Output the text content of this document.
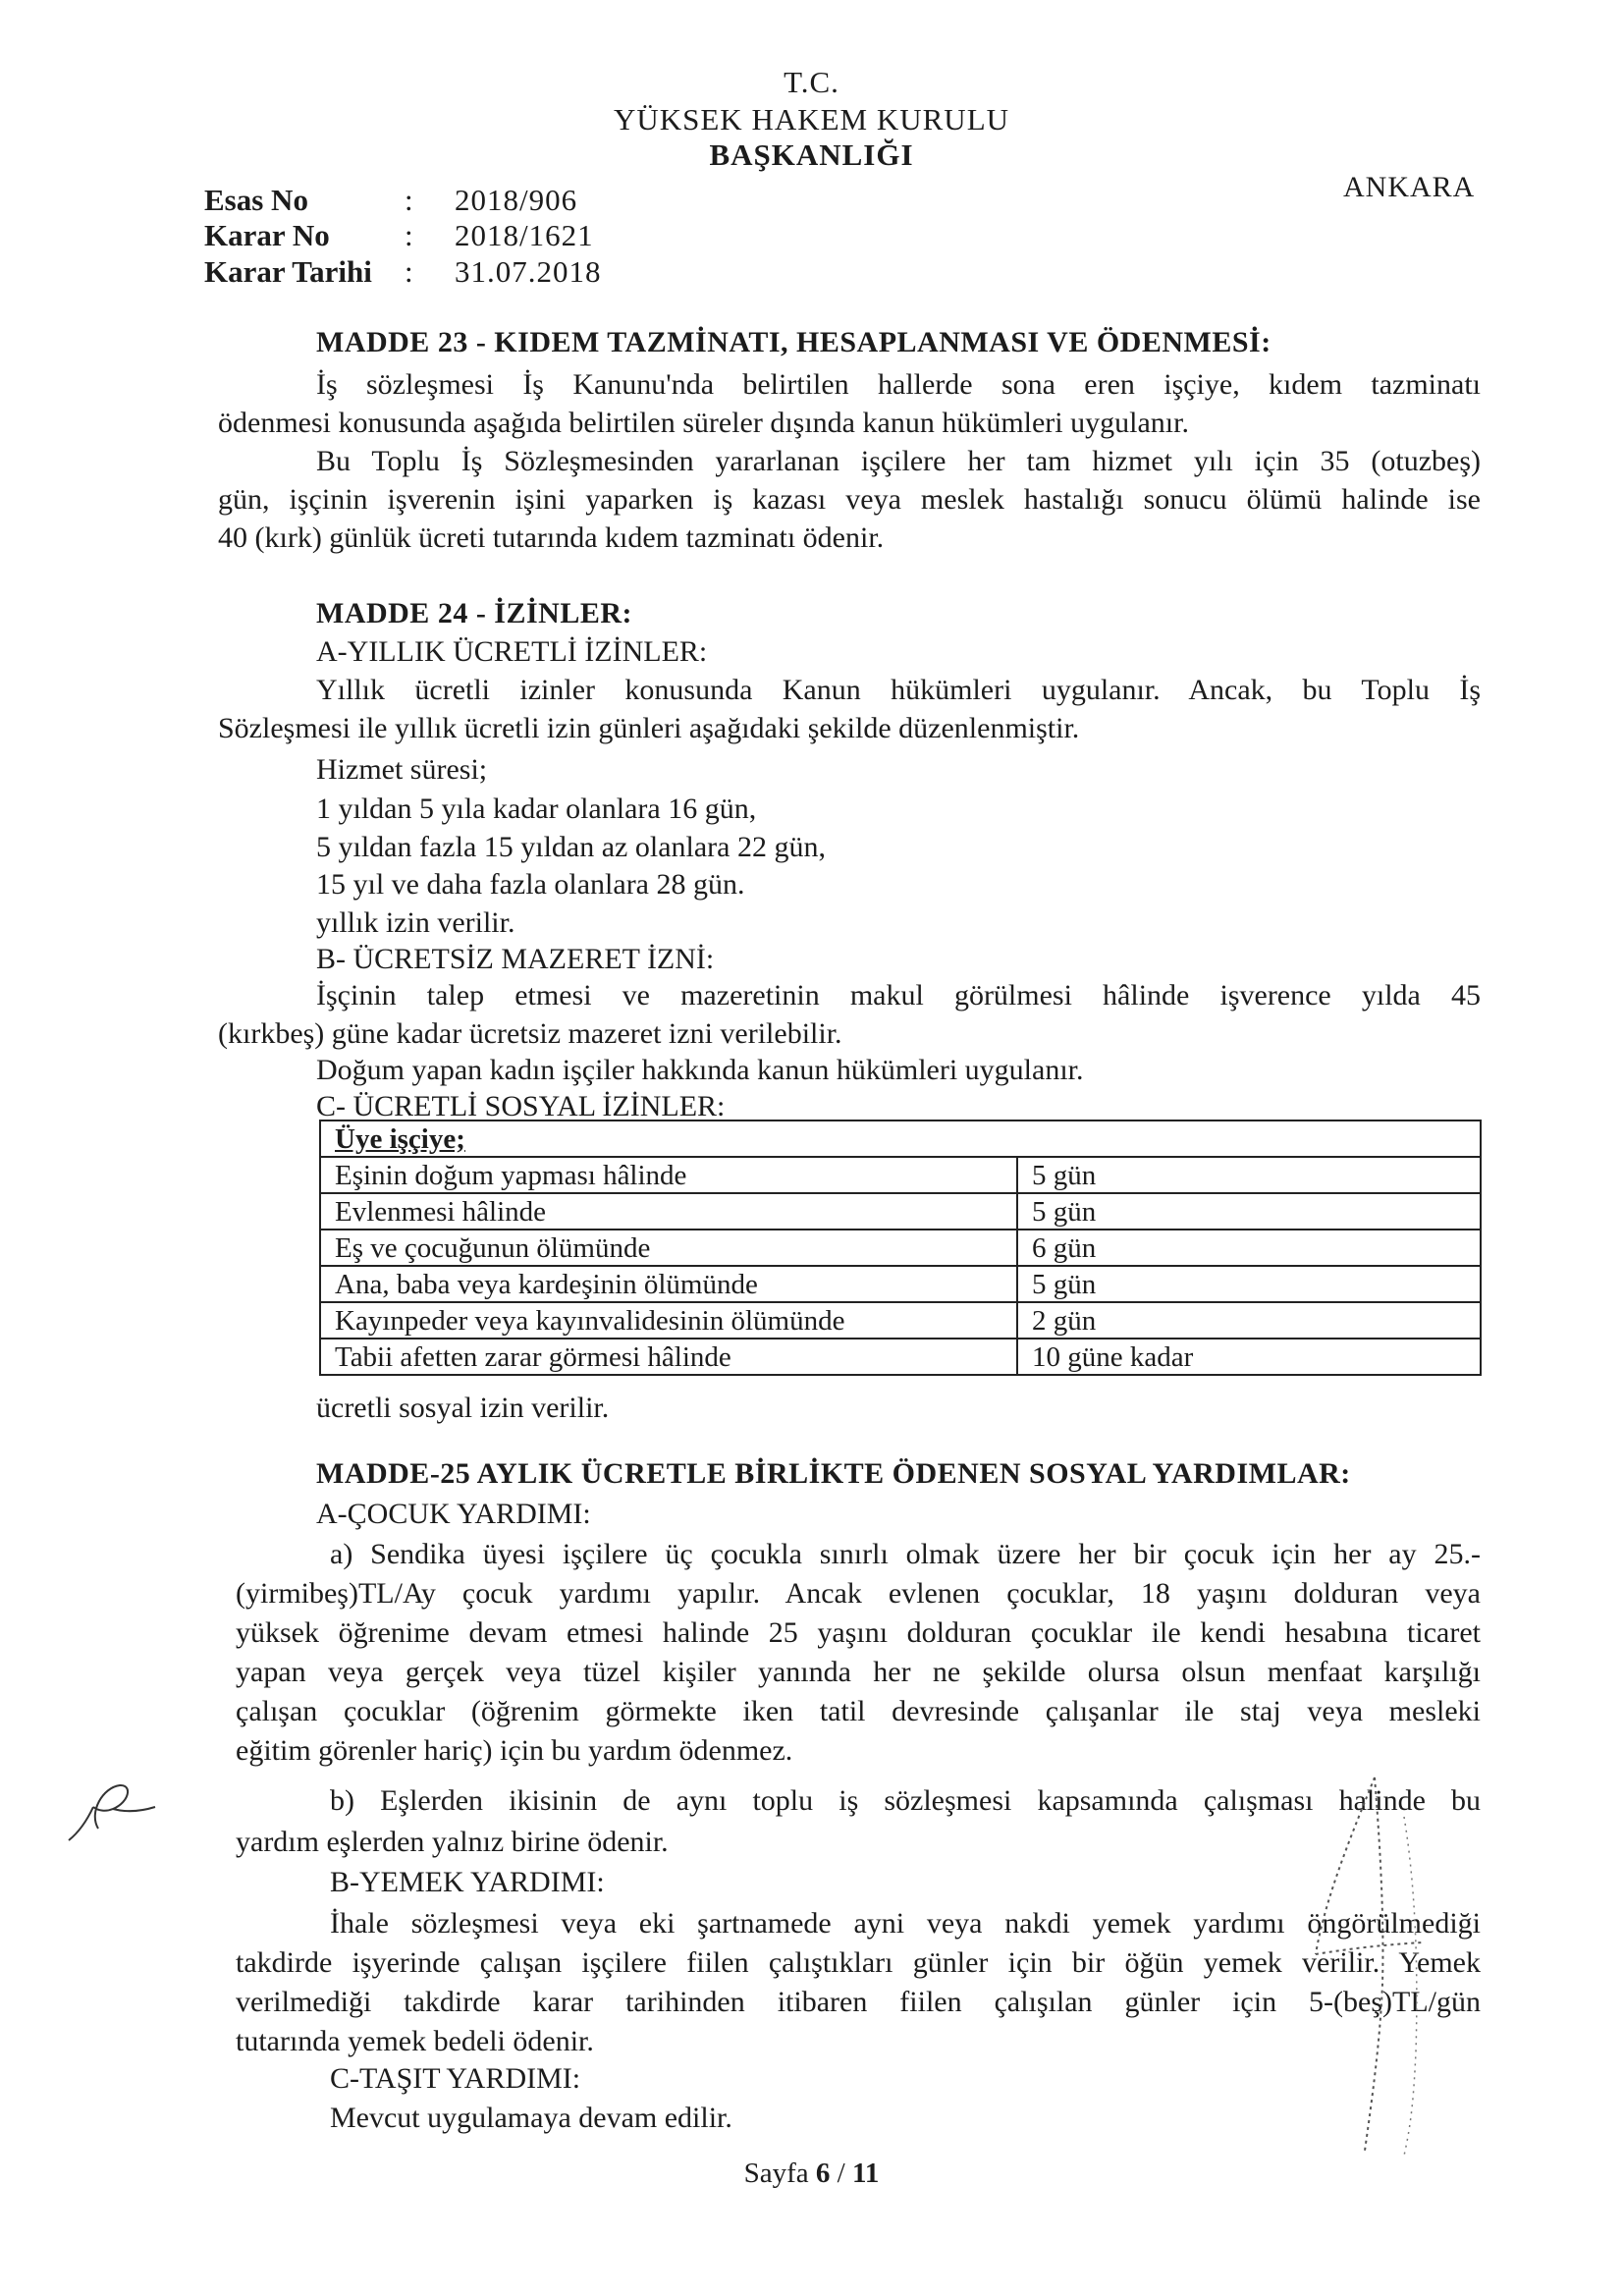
T.C.
YÜKSEK HAKEM KURULU
BAŞKANLIĞI
ANKARA
Esas No	: 2018/906
Karar No : 2018/1621
Karar Tarihi : 31.07.2018
MADDE 23 - KIDEM TAZMİNATI, HESAPLANMASI VE ÖDENMESİ:
İş sözleşmesi İş Kanunu'nda belirtilen hallerde sona eren işçiye, kıdem tazminatı
ödenmesi konusunda aşağıda belirtilen süreler dışında kanun hükümleri uygulanır.
Bu Toplu İş Sözleşmesinden yararlanan işçilere her tam hizmet yılı için 35 (otuzbeş)
gün, işçinin işverenin işini yaparken iş kazası veya meslek hastalığı sonucu ölümü halinde ise
40 (kırk) günlük ücreti tutarında kıdem tazminatı ödenir.
MADDE 24 - İZİNLER:
A-YILLIK ÜCRETLİ İZİNLER:
Yıllık ücretli izinler konusunda Kanun hükümleri uygulanır. Ancak, bu Toplu İş
Sözleşmesi ile yıllık ücretli izin günleri aşağıdaki şekilde düzenlenmiştir.
Hizmet süresi;
1 yıldan 5 yıla kadar olanlara 16 gün,
5 yıldan fazla 15 yıldan az olanlara 22 gün,
15 yıl ve daha fazla olanlara 28 gün.
yıllık izin verilir.
B- ÜCRETSİZ MAZERET İZNİ:
İşçinin talep etmesi ve mazeretinin makul görülmesi hâlinde işverence yılda 45
(kırkbeş) güne kadar ücretsiz mazeret izni verilebilir.
Doğum yapan kadın işçiler hakkında kanun hükümleri uygulanır.
C- ÜCRETLİ SOSYAL İZİNLER:
Üye işçiye;	
Eşinin doğum yapması hâlinde	5 gün
Evlenmesi hâlinde	5 gün
Eş ve çocuğunun ölümünde	6 gün
Ana, baba veya kardeşinin ölümünde	5 gün
Kayınpeder veya kayınvalidesinin ölümünde	2 gün
Tabii afetten zarar görmesi hâlinde	10 güne kadar
ücretli sosyal izin verilir.
MADDE-25 AYLIK ÜCRETLE BİRLİKTE ÖDENEN SOSYAL YARDIMLAR:
A-ÇOCUK YARDIMI:
a) Sendika üyesi işçilere üç çocukla sınırlı olmak üzere her bir çocuk için her ay 25.-
(yirmibeş)TL/Ay çocuk yardımı yapılır. Ancak evlenen çocuklar, 18 yaşını dolduran veya
yüksek öğrenime devam etmesi halinde 25 yaşını dolduran çocuklar ile kendi hesabına ticaret
yapan veya gerçek veya tüzel kişiler yanında her ne şekilde olursa olsun menfaat karşılığı
çalışan çocuklar (öğrenim görmekte iken tatil devresinde çalışanlar ile staj veya mesleki
eğitim görenler hariç) için bu yardım ödenmez.
b) Eşlerden ikisinin de aynı toplu iş sözleşmesi kapsamında çalışması halinde bu
yardım eşlerden yalnız birine ödenir.
B-YEMEK YARDIMI:
İhale sözleşmesi veya eki şartnamede ayni veya nakdi yemek yardımı öngörülmediği
takdirde işyerinde çalışan işçilere fiilen çalıştıkları günler için bir öğün yemek verilir. Yemek
verilmediği takdirde karar tarihinden itibaren fiilen çalışılan günler için 5-(beş)TL/gün
tutarında yemek bedeli ödenir.
C-TAŞIT YARDIMI:
Mevcut uygulamaya devam edilir.
Sayfa 6 / 11
